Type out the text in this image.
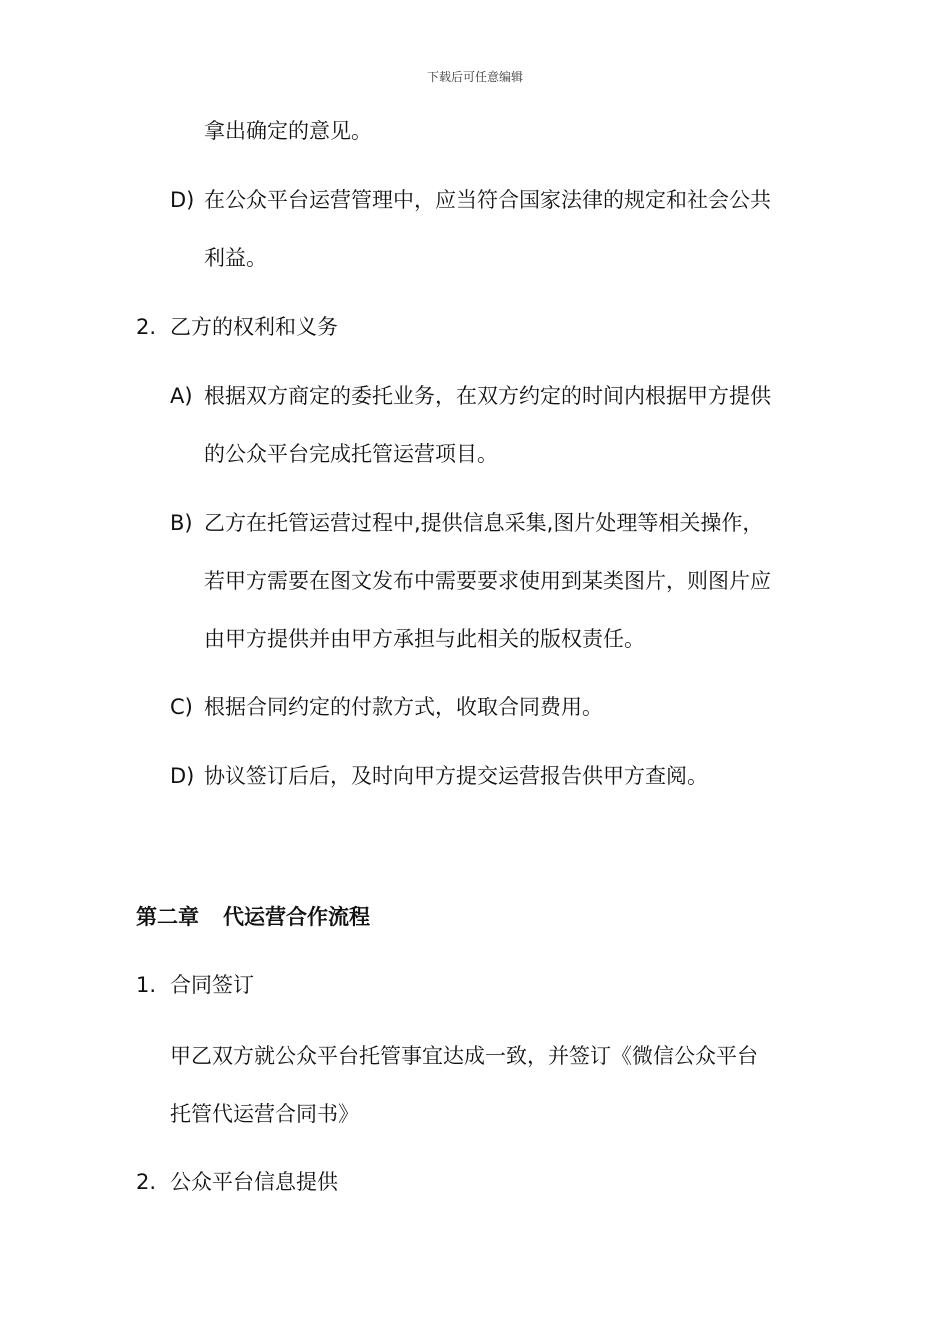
下载后可任意编辑
拿出确定的意见。
D) 在公众平台运营管理中，应当符合国家法律的规定和社会公共
利益。
2. 乙方的权利和义务
A) 根据双方商定的委托业务，在双方约定的时间内根据甲方提供
的公众平台完成托管运营项目。
B) 乙方在托管运营过程中,提供信息采集,图片处理等相关操作，
若甲方需要在图文发布中需要要求使用到某类图片，则图片应
由甲方提供并由甲方承担与此相关的版权责任。
C) 根据合同约定的付款方式，收取合同费用。
D) 协议签订后后，及时向甲方提交运营报告供甲方查阅。
第二章 代运营合作流程
1. 合同签订
甲乙双方就公众平台托管事宜达成一致，并签订《微信公众平台
托管代运营合同书》
2. 公众平台信息提供
